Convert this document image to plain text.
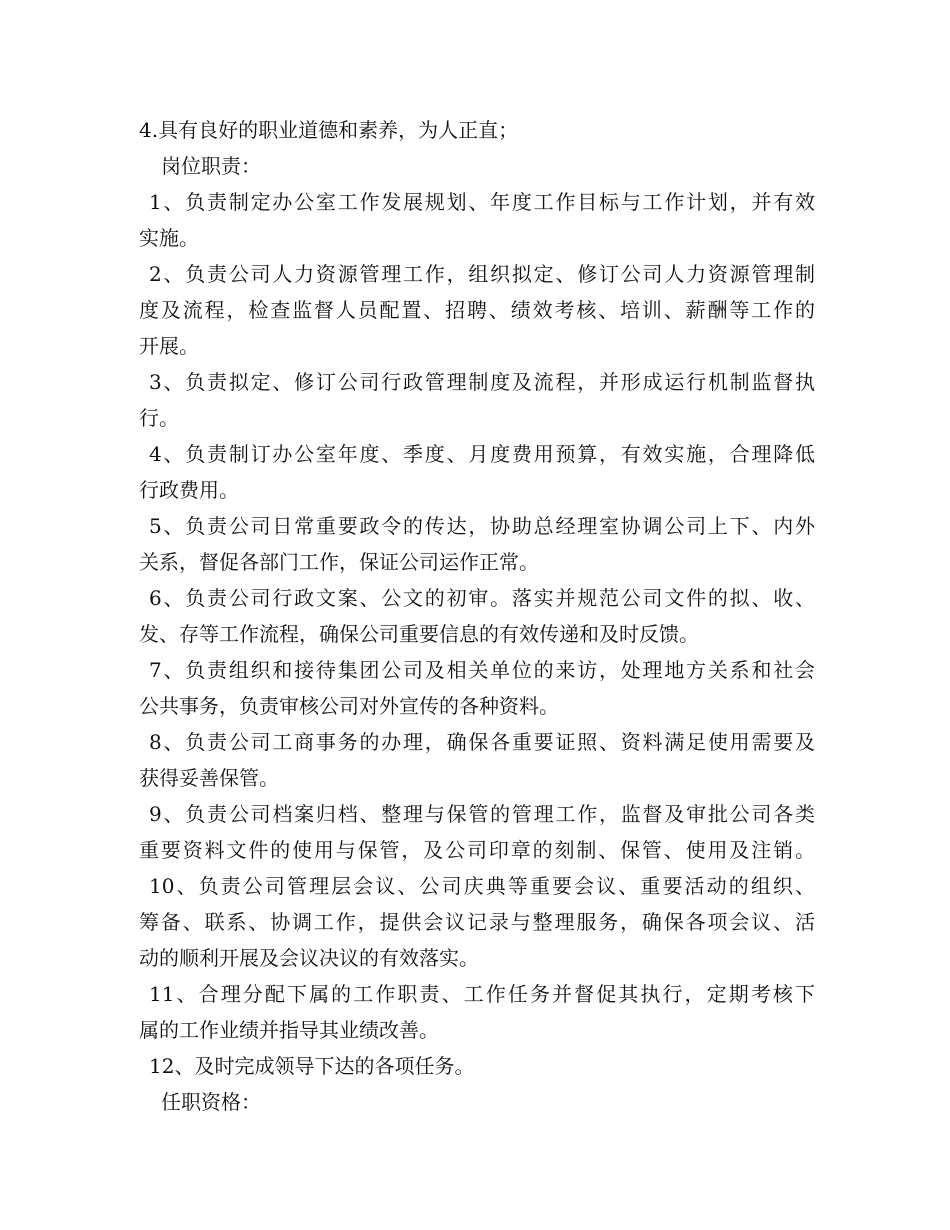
4.具有良好的职业道德和素养，为人正直；

岗位职责：

1、负责制定办公室工作发展规划、年度工作目标与工作计划，并有效

实施。

2、负责公司人力资源管理工作，组织拟定、修订公司人力资源管理制

度及流程，检查监督人员配置、招聘、绩效考核、培训、薪酬等工作的

开展。

3、负责拟定、修订公司行政管理制度及流程，并形成运行机制监督执

行。

4、负责制订办公室年度、季度、月度费用预算，有效实施，合理降低

行政费用。

5、负责公司日常重要政令的传达，协助总经理室协调公司上下、内外

关系，督促各部门工作，保证公司运作正常。

6、负责公司行政文案、公文的初审。落实并规范公司文件的拟、收、

发、存等工作流程，确保公司重要信息的有效传递和及时反馈。

7、负责组织和接待集团公司及相关单位的来访，处理地方关系和社会

公共事务，负责审核公司对外宣传的各种资料。

8、负责公司工商事务的办理，确保各重要证照、资料满足使用需要及

获得妥善保管。

9、负责公司档案归档、整理与保管的管理工作，监督及审批公司各类

重要资料文件的使用与保管，及公司印章的刻制、保管、使用及注销。

10、负责公司管理层会议、公司庆典等重要会议、重要活动的组织、

筹备、联系、协调工作，提供会议记录与整理服务，确保各项会议、活

动的顺利开展及会议决议的有效落实。

11、合理分配下属的工作职责、工作任务并督促其执行，定期考核下

属的工作业绩并指导其业绩改善。

12、及时完成领导下达的各项任务。

任职资格：
